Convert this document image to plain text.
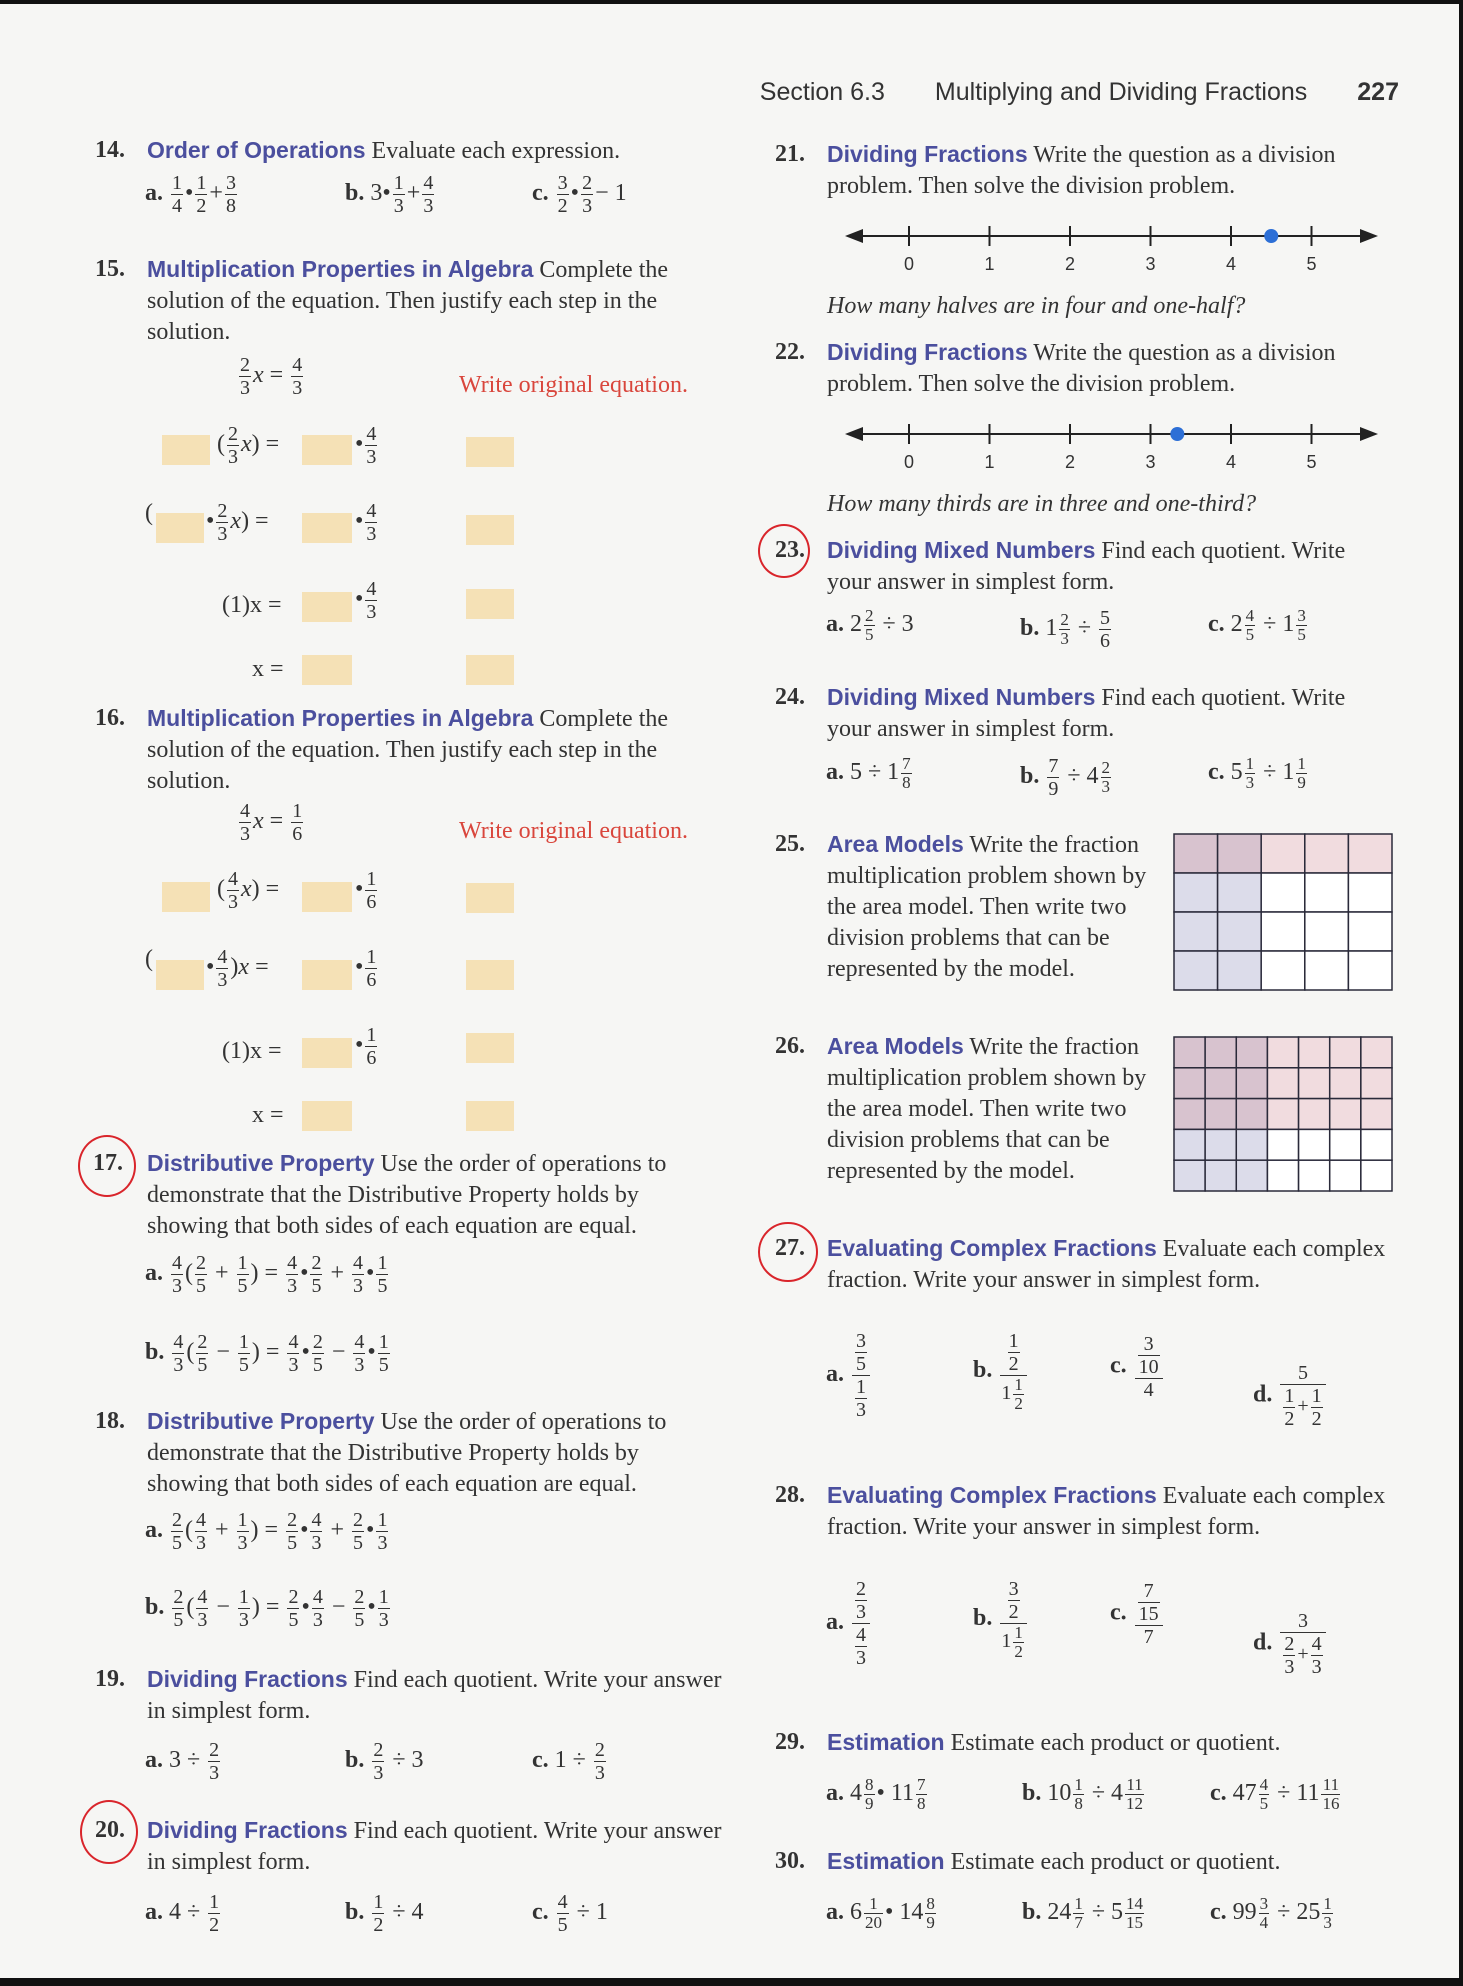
Section 6.3 Multiplying and Dividing Fractions 227
14. Order of Operations Evaluate each expression.
a. $\frac{1}{4}$ • $\frac{1}{2} + \frac{3}{8}$	b. 3• $\frac{1}{3} + \frac{4}{3}$	c. $\frac{3}{2}$ • $\frac{2}{3} - 1$
15. Multiplication Properties in Algebra Complete the solution of the equation. Then justify each step in the solution.
$\frac{2}{3}$ $x = \frac{4}{3}$	Write original equation.
( $\frac{2}{3} x$) =	• $\frac{4}{3}$
( • $\frac{2}{3} x$) =	• $\frac{4}{3}$
(1)x =	• $\frac{4}{3}$
x =
16. Multiplication Properties in Algebra Complete the solution of the equation. Then justify each step in the solution.
$\frac{4}{3}$ $x = \frac{1}{6}$	Write original equation.
( $\frac{4}{3} x$) =	• $\frac{1}{6}$
( • $\frac{4}{3} )x$ =	• $\frac{1}{6}$
(1)x =	• $\frac{1}{6}$
x =
17. Distributive Property Use the order of operations to demonstrate that the Distributive Property holds by showing that both sides of each equation are equal.
a. $\frac{4}{3}$ ( $\frac{2}{5} + \frac{1}{5}$ ) = $\frac{4}{3}$ • $\frac{2}{5} + \frac{4}{3}$ • $\frac{1}{5}$
b. $\frac{4}{3}$ ( $\frac{2}{5} - \frac{1}{5}$ ) = $\frac{4}{3}$ • $\frac{2}{5} - \frac{4}{3}$ • $\frac{1}{5}$
18. Distributive Property Use the order of operations to demonstrate that the Distributive Property holds by showing that both sides of each equation are equal.
a. $\frac{2}{5}$ ( $\frac{4}{3} + \frac{1}{3}$ ) = $\frac{2}{5}$ • $\frac{4}{3} + \frac{2}{5}$ • $\frac{1}{3}$
b. $\frac{2}{5}$ ( $\frac{4}{3} - \frac{1}{3}$ ) = $\frac{2}{5}$ • $\frac{4}{3} - \frac{2}{5}$ • $\frac{1}{3}$
19. Dividing Fractions Find each quotient. Write your answer in simplest form.
a. $3 \div \frac{2}{3}$	b. $\frac{2}{3} \div 3$	c. $1 \div \frac{2}{3}$
20. Dividing Fractions Find each quotient. Write your answer in simplest form.
a. $4 \div \frac{1}{2}$	b. $\frac{1}{2} \div 4$	c. $\frac{4}{5} \div 1$
21. Dividing Fractions Write the question as a division problem. Then solve the division problem.
How many halves are in four and one-half?
22. Dividing Fractions Write the question as a division problem. Then solve the division problem.
How many thirds are in three and one-third?
23. Dividing Mixed Numbers Find each quotient. Write your answer in simplest form.
a. $2 \frac{2}{5} \div 3$	b. $1 \frac{2}{3} \div \frac{5}{6}$	c. $2 \frac{4}{5} \div 1 \frac{3}{5}$
24. Dividing Mixed Numbers Find each quotient. Write your answer in simplest form.
a. $5 \div 1 \frac{7}{8}$	b. $\frac{7}{9} \div 4 \frac{2}{3}$	c. $5 \frac{1}{3} \div 1 \frac{1}{9}$
25. Area Models Write the fraction multiplication problem shown by the area model. Then write two division problems that can be represented by the model.
26. Area Models Write the fraction multiplication problem shown by the area model. Then write two division problems that can be represented by the model.
27. Evaluating Complex Fractions Evaluate each complex fraction. Write your answer in simplest form.
a. $\frac{\frac{3}{5}}{\frac{1}{3}}$	b. $\frac{\frac{1}{2}}{1 \frac{1}{2}}$	c. $\frac{\frac{3}{10}}{4}$	d. $\frac{5}{\frac{1}{2} + \frac{1}{2}}$
28. Evaluating Complex Fractions Evaluate each complex fraction. Write your answer in simplest form.
a. $\frac{\frac{2}{3}}{\frac{4}{3}}$	b. $\frac{\frac{3}{2}}{1 \frac{1}{2}}$	c. $\frac{\frac{7}{15}}{7}$	d. $\frac{3}{\frac{2}{3} + \frac{4}{3}}$
29. Estimation Estimate each product or quotient.
a. $4 \frac{8}{9}$ • $11 \frac{7}{8}$	b. $10 \frac{1}{8} \div 4 \frac{11}{12}$	c. $47 \frac{4}{5} \div 11 \frac{11}{16}$
30. Estimation Estimate each product or quotient.
a. $6 \frac{1}{20}$ • $14 \frac{8}{9}$	b. $24 \frac{1}{7} \div 5 \frac{14}{15}$	c. $99 \frac{3}{4} \div 25 \frac{1}{3}$
0	1	2	3	4	5
0	1	2	3	4	5
